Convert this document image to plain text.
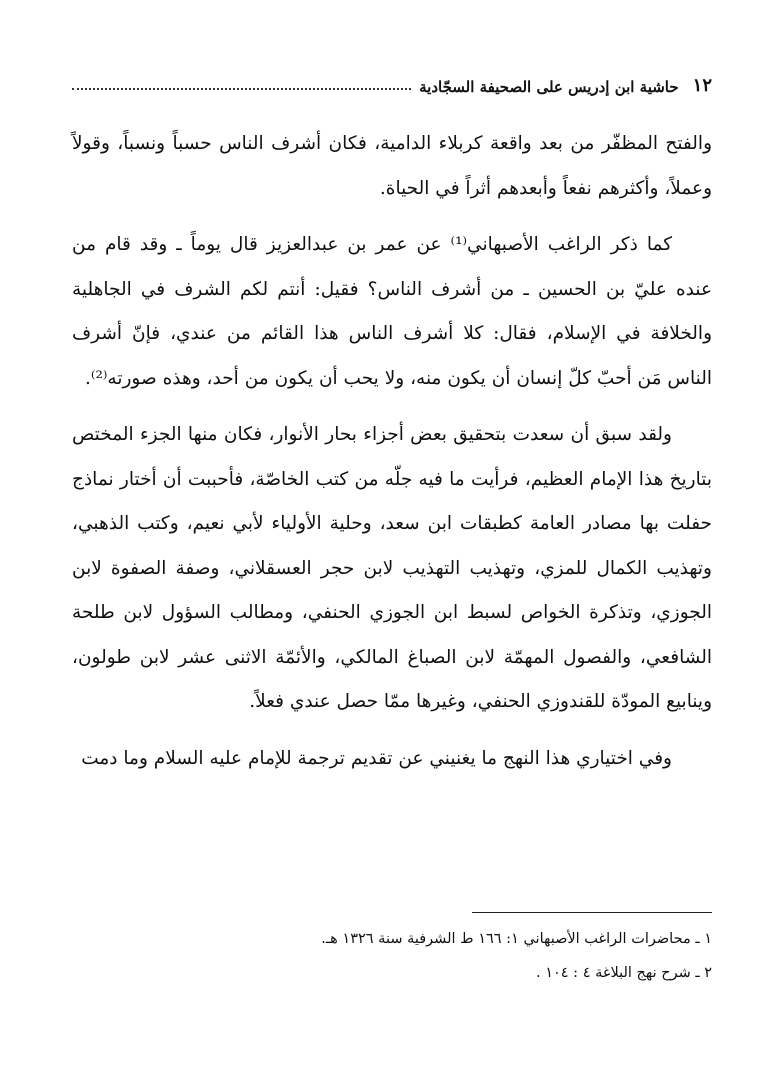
١٢
حاشية ابن إدريس على الصحيفة السجّادية

والفتح المظفّر من بعد واقعة كربلاء الدامية، فكان أشرف الناس حسباً ونسباً، وقولاً وعملاً، وأكثرهم نفعاً وأبعدهم أثراً في الحياة.

كما ذكر الراغب الأصبهاني⁽¹⁾ عن عمر بن عبدالعزيز قال يوماً ـ وقد قام من عنده عليّ بن الحسين ـ من أشرف الناس؟ فقيل: أنتم لكم الشرف في الجاهلية والخلافة في الإسلام، فقال: كلا أشرف الناس هذا القائم من عندي، فإنّ أشرف الناس مَن أحبّ كلّ إنسان أن يكون منه، ولا يحب أن يكون من أحد، وهذه صورته⁽²⁾.

ولقد سبق أن سعدت بتحقيق بعض أجزاء بحار الأنوار، فكان منها الجزء المختص بتاريخ هذا الإمام العظيم، فرأيت ما فيه جلّه من كتب الخاصّة، فأحببت أن أختار نماذج حفلت بها مصادر العامة كطبقات ابن سعد، وحلية الأولياء لأبي نعيم، وكتب الذهبي، وتهذيب الكمال للمزي، وتهذيب التهذيب لابن حجر العسقلاني، وصفة الصفوة لابن الجوزي، وتذكرة الخواص لسبط ابن الجوزي الحنفي، ومطالب السؤول لابن طلحة الشافعي، والفصول المهمّة لابن الصباغ المالكي، والأئمّة الاثنى عشر لابن طولون، وينابيع المودّة للقندوزي الحنفي، وغيرها ممّا حصل عندي فعلاً.

وفي اختياري هذا النهج ما يغنيني عن تقديم ترجمة للإمام عليه السلام وما دمت

١ ـ محاضرات الراغب الأصبهاني ١: ١٦٦ ط الشرفية سنة ١٣٢٦ هـ.

٢ ـ شرح نهج البلاغة ٤ : ١٠٤ .
